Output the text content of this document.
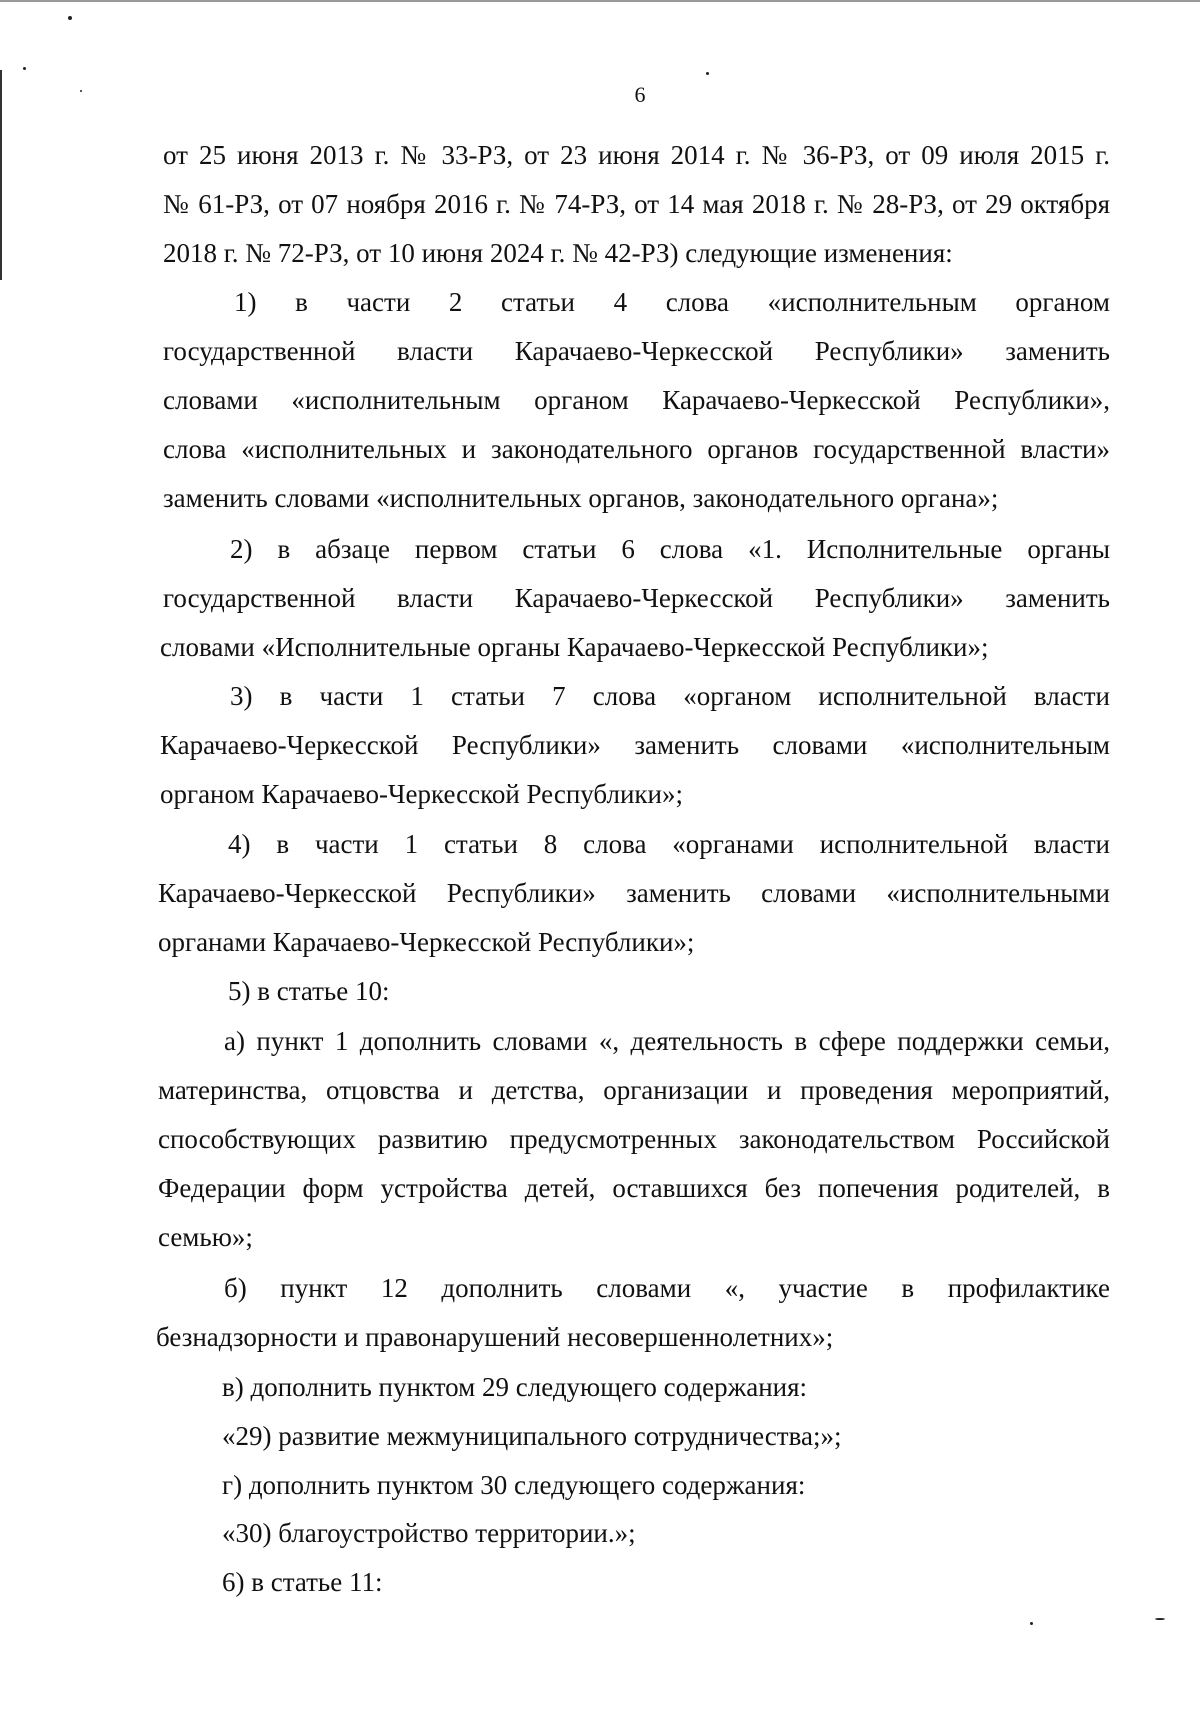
6
от 25 июня 2013 г. № 33-РЗ, от 23 июня 2014 г. № 36-РЗ, от 09 июля 2015 г.
№ 61-РЗ, от 07 ноября 2016 г. № 74-РЗ, от 14 мая 2018 г. № 28-РЗ, от 29 октября
2018 г. № 72-РЗ, от 10 июня 2024 г. № 42-РЗ) следующие изменения:
1) в части 2 статьи 4 слова «исполнительным органом
государственной власти Карачаево-Черкесской Республики» заменить
словами «исполнительным органом Карачаево-Черкесской Республики»,
слова «исполнительных и законодательного органов государственной власти»
заменить словами «исполнительных органов, законодательного органа»;
2) в абзаце первом статьи 6 слова «1. Исполнительные органы
государственной власти Карачаево-Черкесской Республики» заменить
словами «Исполнительные органы Карачаево-Черкесской Республики»;
3) в части 1 статьи 7 слова «органом исполнительной власти
Карачаево-Черкесской Республики» заменить словами «исполнительным
органом Карачаево-Черкесской Республики»;
4) в части 1 статьи 8 слова «органами исполнительной власти
Карачаево-Черкесской Республики» заменить словами «исполнительными
органами Карачаево-Черкесской Республики»;
5) в статье 10:
а) пункт 1 дополнить словами «, деятельность в сфере поддержки семьи,
материнства, отцовства и детства, организации и проведения мероприятий,
способствующих развитию предусмотренных законодательством Российской
Федерации форм устройства детей, оставшихся без попечения родителей, в
семью»;
б) пункт 12 дополнить словами «, участие в профилактике
безнадзорности и правонарушений несовершеннолетних»;
в) дополнить пунктом 29 следующего содержания:
«29) развитие межмуниципального сотрудничества;»;
г) дополнить пунктом 30 следующего содержания:
«30) благоустройство территории.»;
6) в статье 11:
